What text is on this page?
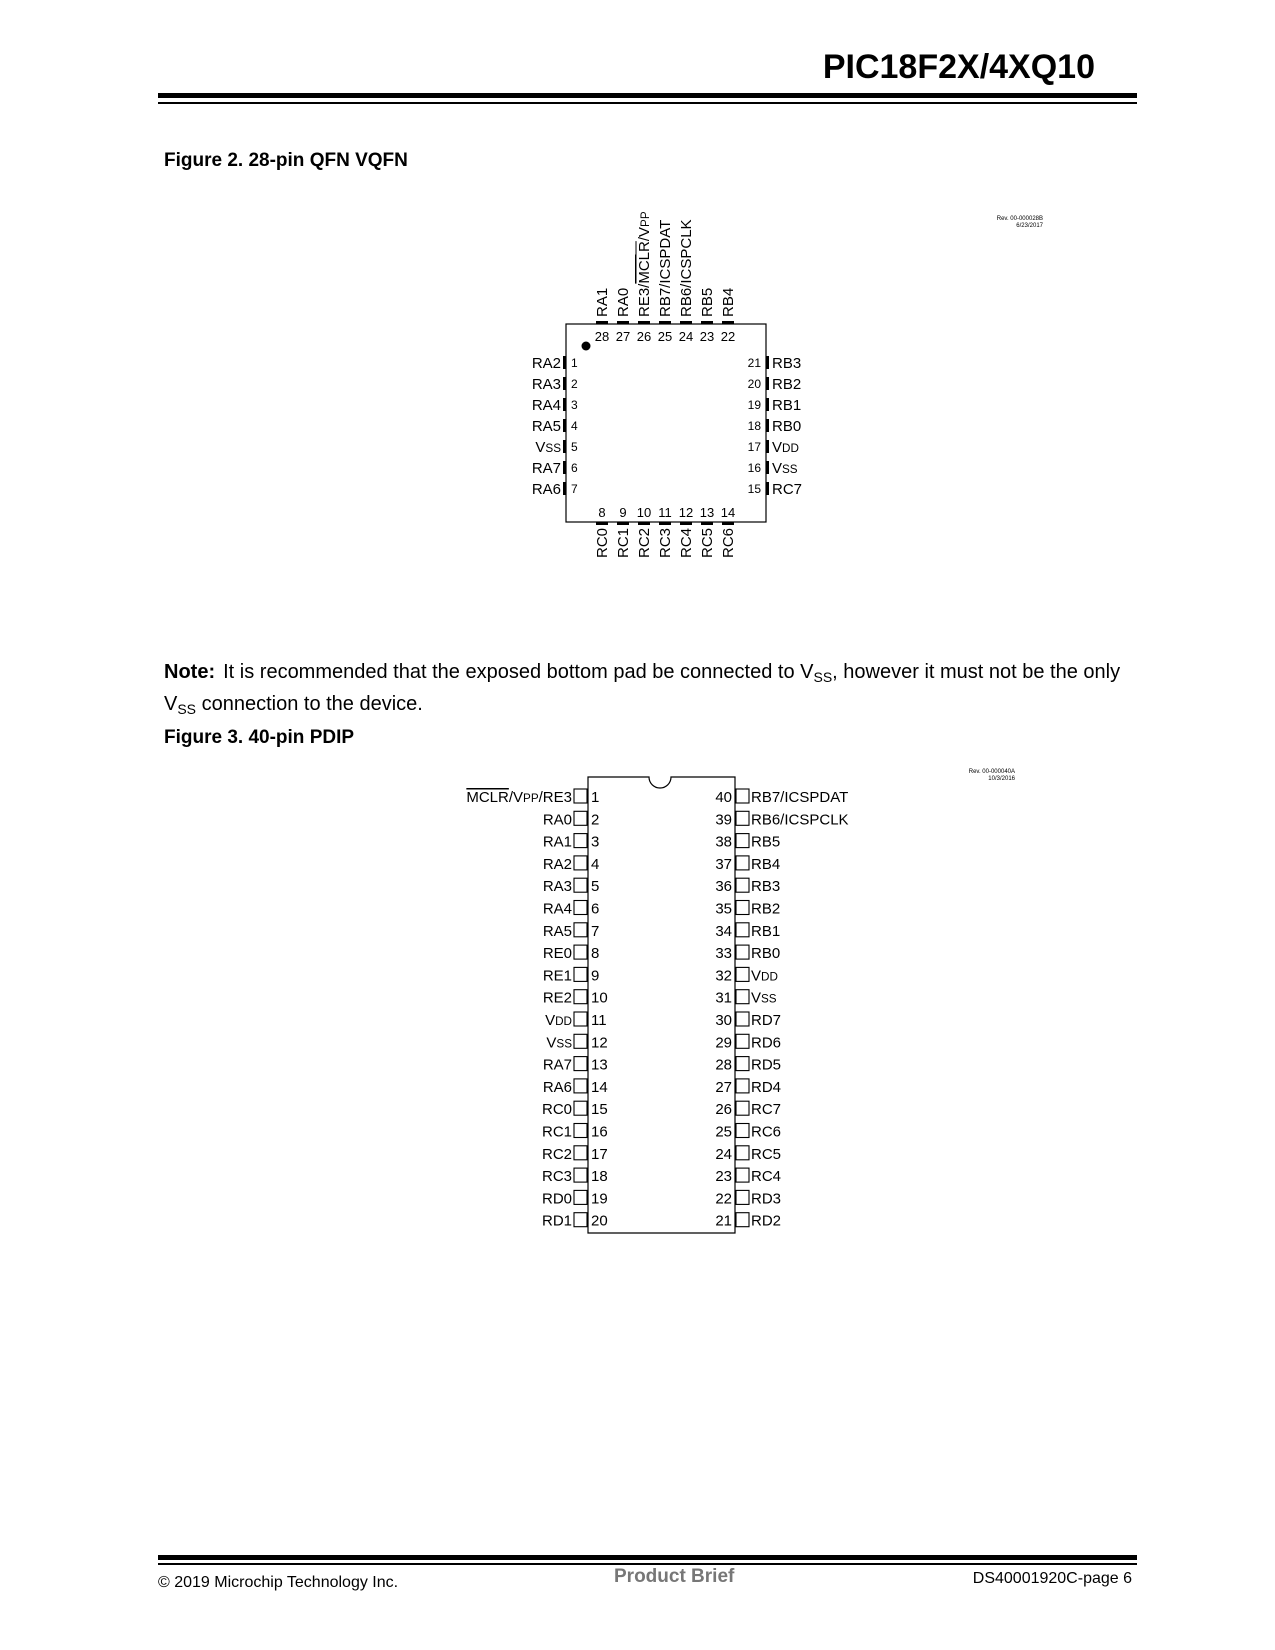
PIC18F2X/4XQ10
Figure 2. 28-pin QFN VQFN
Rev. 00-000028B
6/23/2017
28
RA1
27
RA0
26
RE3/MCLR/VPP
25
RB7/ICSPDAT
24
RB6/ICSPCLK
23
RB5
22
RB4
8
RC0
9
RC1
10
RC2
11
RC3
12
RC4
13
RC5
14
RC6
1
RA2
2
RA3
3
RA4
4
RA5
5
VSS
6
RA7
7
RA6
21 RB3
20 RB2
19 RB1
18 RB0
17 VDD
16 VSS
15 RC7
Note: It is recommended that the exposed bottom pad be connected to $V_{SS}$, however it must not be the only $V_{SS}$ connection to the device.
Figure 3. 40-pin PDIP
Rev. 00-000040A
10/3/2016
1
MCLR/VPP/RE3
2
RA0
3
RA1
4
RA2
5
RA3
6
RA4
7
RA5
8
RE0
9
RE1
10
RE2
11
VDD
12
VSS
13
RA7
14
RA6
15
RC0
16
RC1
17
RC2
18
RC3
19
RD0
20
RD1
40 RB7/ICSPDAT
39 RB6/ICSPCLK
38 RB5
37 RB4
36 RB3
35 RB2
34 RB1
33 RB0
32 VDD
31 VSS
30 RD7
29 RD6
28 RD5
27 RD4
26 RC7
25 RC6
24 RC5
23 RC4
22 RD3
21 RD2
© 2019 Microchip Technology Inc.	Product Brief	DS40001920C-page 6
